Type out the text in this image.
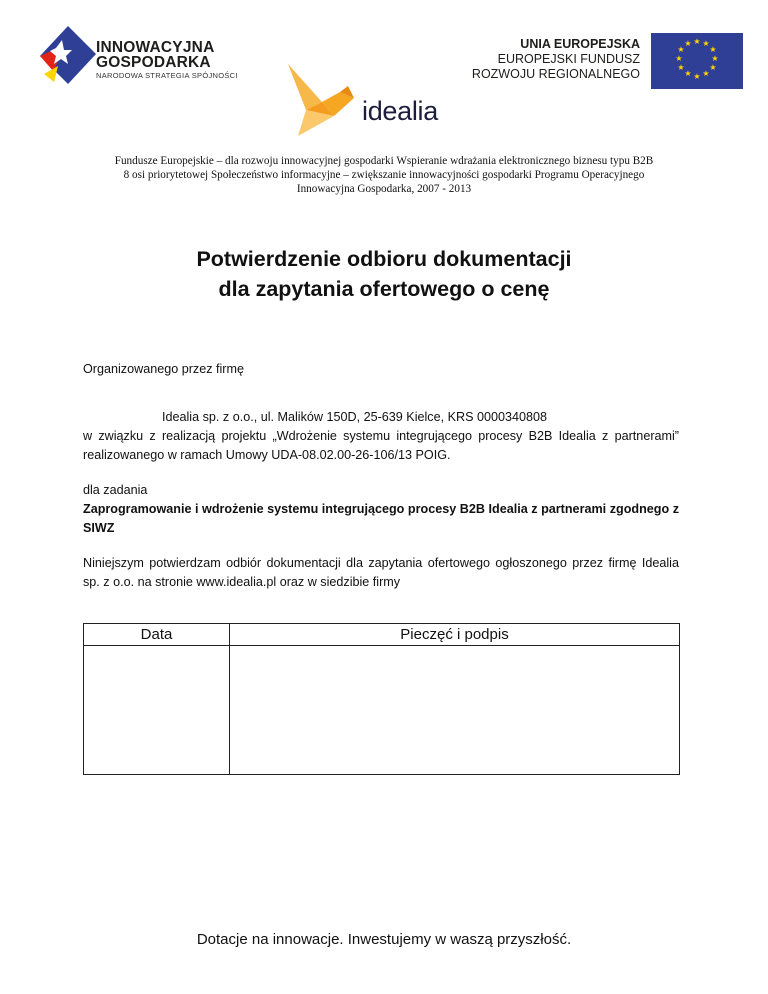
INNOWACYJNA
GOSPODARKA
NARODOWA STRATEGIA SPÓJNOŚCI
UNIA EUROPEJSKA
EUROPEJSKI FUNDUSZ
ROZWOJU REGIONALNEGO
★ ★
★
★
★
★
★
★
★
★
★
★
idealia
Fundusze Europejskie – dla rozwoju innowacyjnej gospodarki Wspieranie wdrażania elektronicznego biznesu typu B2B
8 osi priorytetowej Społeczeństwo informacyjne – zwiększanie innowacyjności gospodarki Programu Operacyjnego
Innowacyjna Gospodarka, 2007 - 2013
Potwierdzenie odbioru dokumentacji
dla zapytania ofertowego o cenę
Organizowanego przez firmę
Idealia sp. z o.o., ul. Malików 150D, 25-639 Kielce, KRS 0000340808
w związku z realizacją projektu „Wdrożenie systemu integrującego procesy B2B Idealia z partnerami” realizowanego w ramach Umowy UDA-08.02.00-26-106/13 POIG.
dla zadania
Zaprogramowanie i wdrożenie systemu integrującego procesy B2B Idealia z partnerami zgodnego z SIWZ
Niniejszym potwierdzam odbiór dokumentacji dla zapytania ofertowego ogłoszonego przez firmę Idealia sp. z o.o. na stronie www.idealia.pl oraz w siedzibie firmy
Data	Pieczęć i podpis

Dotacje na innowacje. Inwestujemy w waszą przyszłość.
